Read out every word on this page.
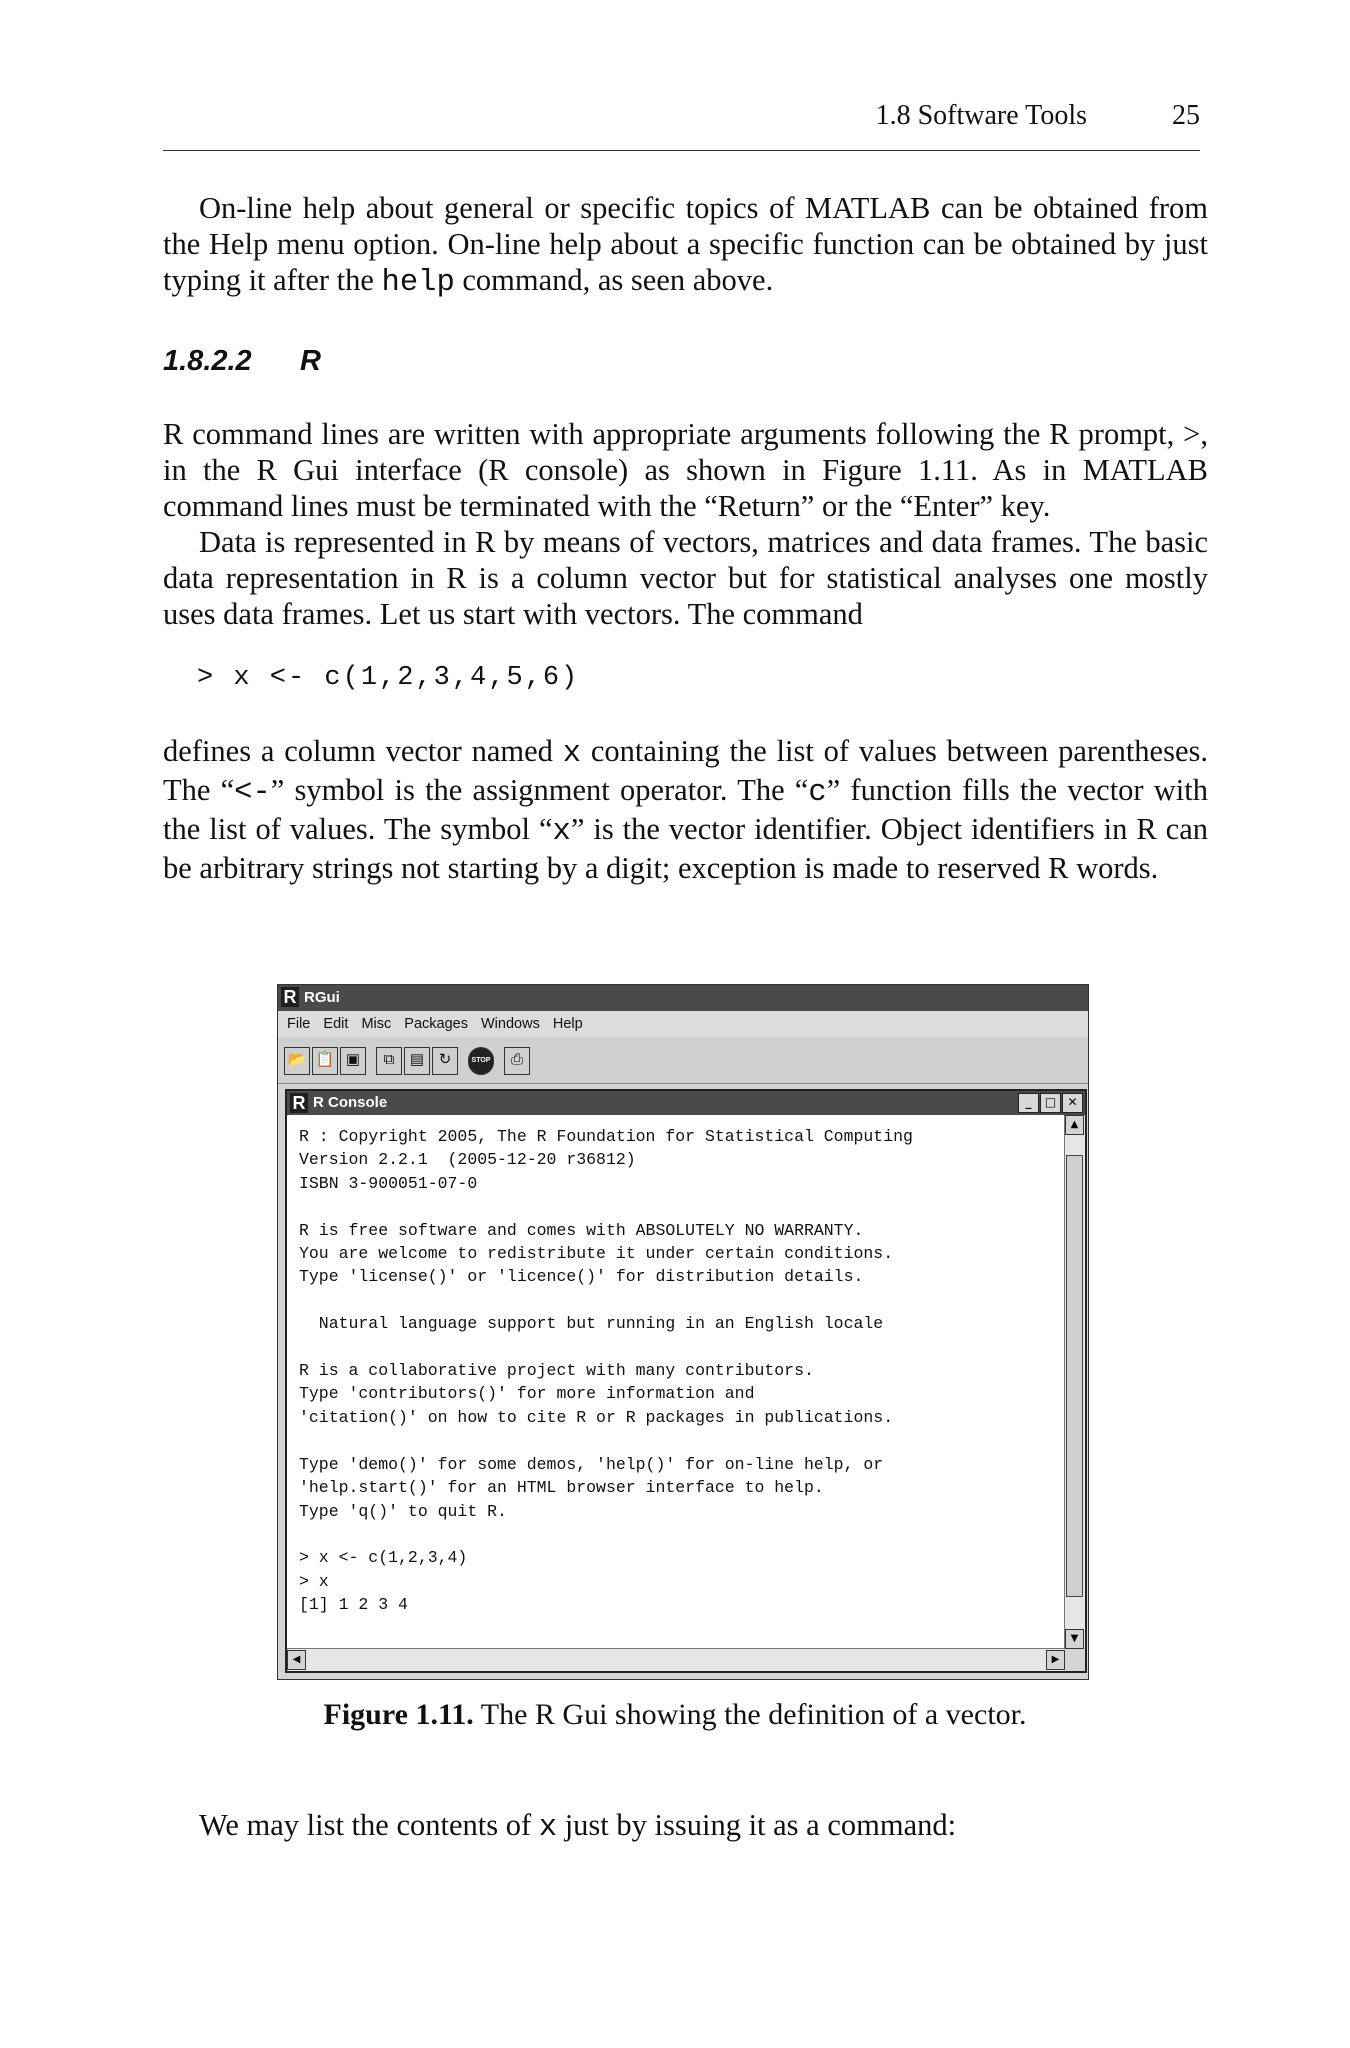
1.8 Software Tools	25

On-line help about general or specific topics of MATLAB can be obtained from the Help menu option. On-line help about a specific function can be obtained by just typing it after the help command, as seen above.

1.8.2.2 R

R command lines are written with appropriate arguments following the R prompt, >, in the R Gui interface (R console) as shown in Figure 1.11. As in MATLAB command lines must be terminated with the “Return” or the “Enter” key.

Data is represented in R by means of vectors, matrices and data frames. The basic data representation in R is a column vector but for statistical analyses one mostly uses data frames. Let us start with vectors. The command

> x <- c(1,2,3,4,5,6)

defines a column vector named x containing the list of values between parentheses. The “<-” symbol is the assignment operator. The “c” function fills the vector with the list of values. The symbol “x” is the vector identifier. Object identifiers in R can be arbitrary strings not starting by a digit; exception is made to reserved R words.

R RGui
File Edit Misc Packages Windows Help
📂 📋 ▣	⧉	▤ ↻	STOP	⎙
R R Console	_ □ ✕
R : Copyright 2005, The R Foundation for Statistical Computing
Version 2.2.1  (2005-12-20 r36812)
ISBN 3-900051-07-0

R is free software and comes with ABSOLUTELY NO WARRANTY.
You are welcome to redistribute it under certain conditions.
Type 'license()' or 'licence()' for distribution details.

Natural language support but running in an English locale

R is a collaborative project with many contributors.
Type 'contributors()' for more information and
'citation()' on how to cite R or R packages in publications.

Type 'demo()' for some demos, 'help()' for on-line help, or
'help.start()' for an HTML browser interface to help.
Type 'q()' to quit R.

> x <- c(1,2,3,4)
> x
[1] 1 2 3 4
▲
▼
◀	▶
Figure 1.11. The R Gui showing the definition of a vector.

We may list the contents of x just by issuing it as a command:
